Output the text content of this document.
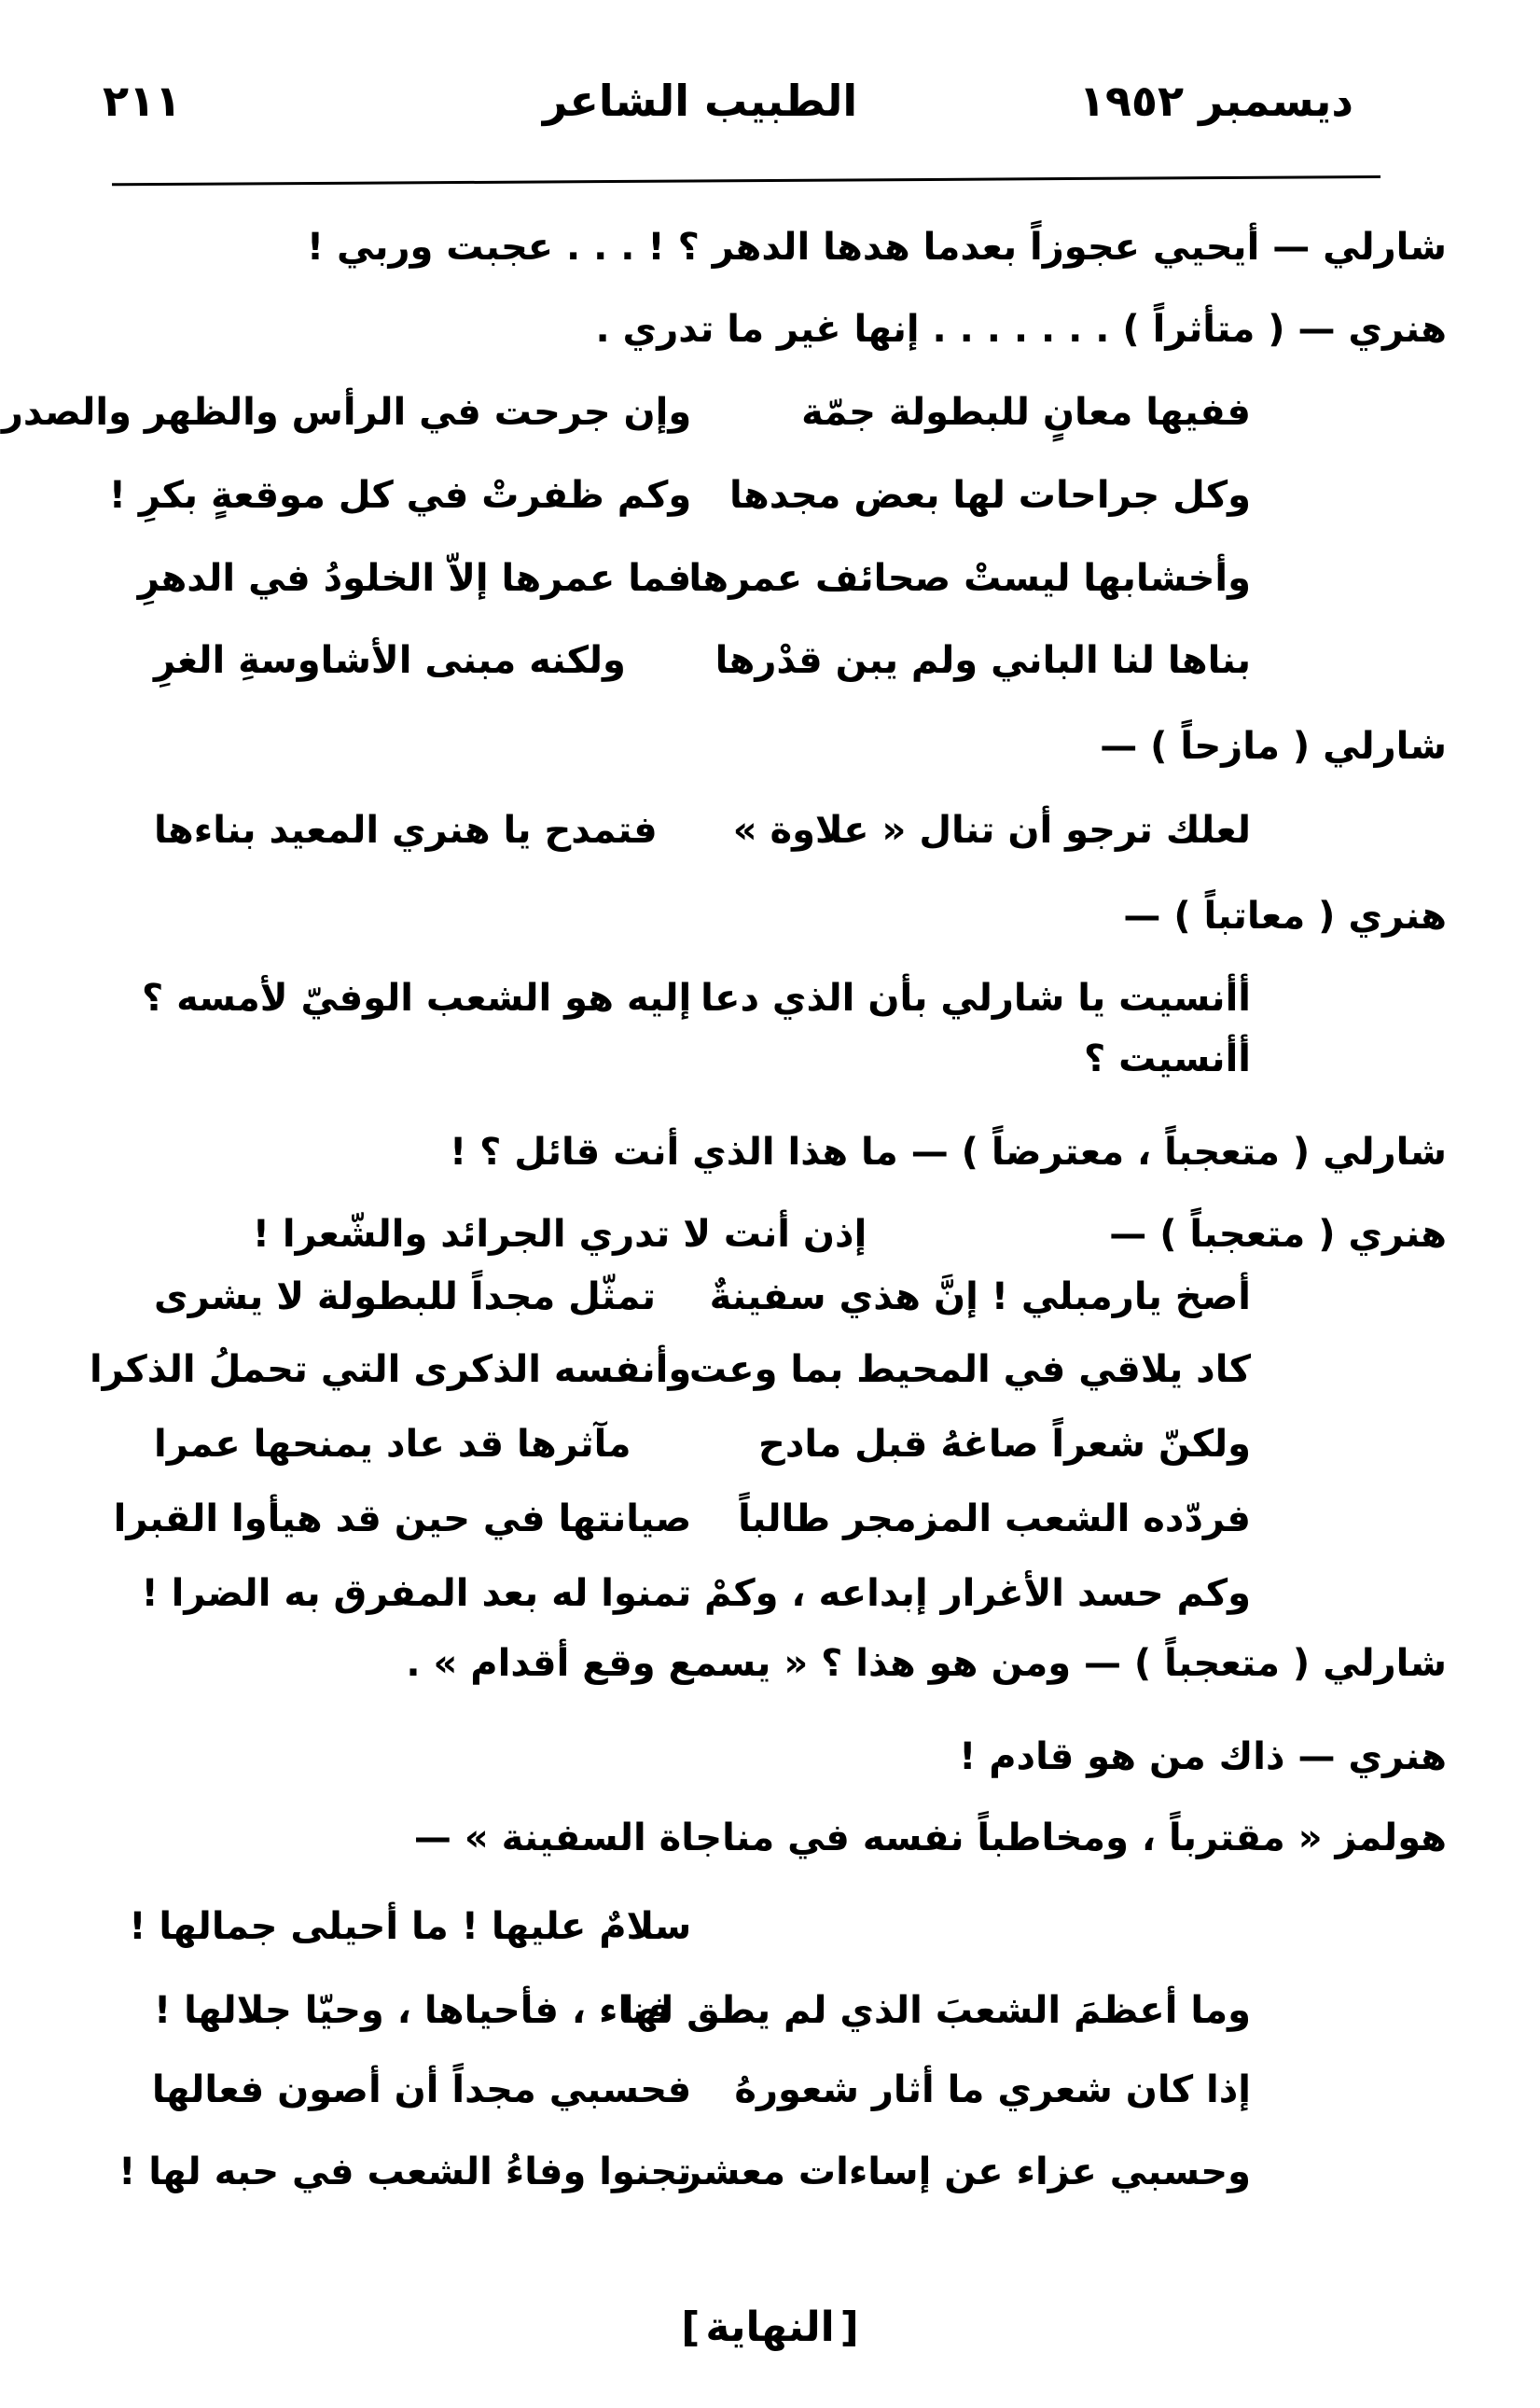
ديسمبر ١٩٥٢
الطبيب الشاعر
٢١١
شارلي — أيحيي عجوزاً بعدما هدها الدهر ؟ ! . . . عجبت وربي !
هنري — ( متأثراً ) . . . . . . . إنها غير ما تدري .
ففيها معانٍ للبطولة جمّة
وإن جرحت في الرأس والظهر والصدر
وكل جراحات لها بعض مجدها
وكم ظفرتْ في كل موقعةٍ بكرِ !
وأخشابها ليستْ صحائف عمرها
فما عمرها إلاّ الخلودُ في الدهرِ
بناها لنا الباني ولم يبن قدْرها
ولكنه مبنى الأشاوسةِ الغرِ
شارلي ( مازحاً ) —
لعلك ترجو أن تنال « علاوة »
فتمدح يا هنري المعيد بناءها
هنري ( معاتباً ) —
أأنسيت يا شارلي بأن الذي دعا
إليه هو الشعب الوفيّ لأمسه ؟
أأنسيت ؟
شارلي ( متعجباً ، معترضاً ) — ما هذا الذي أنت قائل ؟ !
هنري ( متعجباً ) —
إذن أنت لا تدري الجرائد والشّعرا !
أصخ يارمبلي ! إنَّ هذي سفينةٌ
تمثّل مجداً للبطولة لا يشرى
كاد يلاقي في المحيط بما وعت
وأنفسه الذكرى التي تحملُ الذكرا
ولكنّ شعراً صاغهُ قبل مادح
مآثرها قد عاد يمنحها عمرا
فردّده الشعب المزمجر طالباً
صيانتها في حين قد هيأوا القبرا
وكم حسد الأغرار إبداعه ، وكمْ
تمنوا له بعد المفرق به الضرا !
شارلي ( متعجباً ) — ومن هو هذا ؟ « يسمع وقع أقدام » .
هنري — ذاك من هو قادم !
هولمز « مقترباً ، ومخاطباً نفسه في مناجاة السفينة » —
سلامٌ عليها ! ما أحيلى جمالها !
وما أعظمَ الشعبَ الذي لم يطق لها
فناء ، فأحياها ، وحيّا جلالها !
إذا كان شعري ما أثار شعورهُ
فحسبي مجداً أن أصون فعالها
وحسبي عزاء عن إساءات معشر
تجنوا وفاءُ الشعب في حبه لها !
[النهاية]
